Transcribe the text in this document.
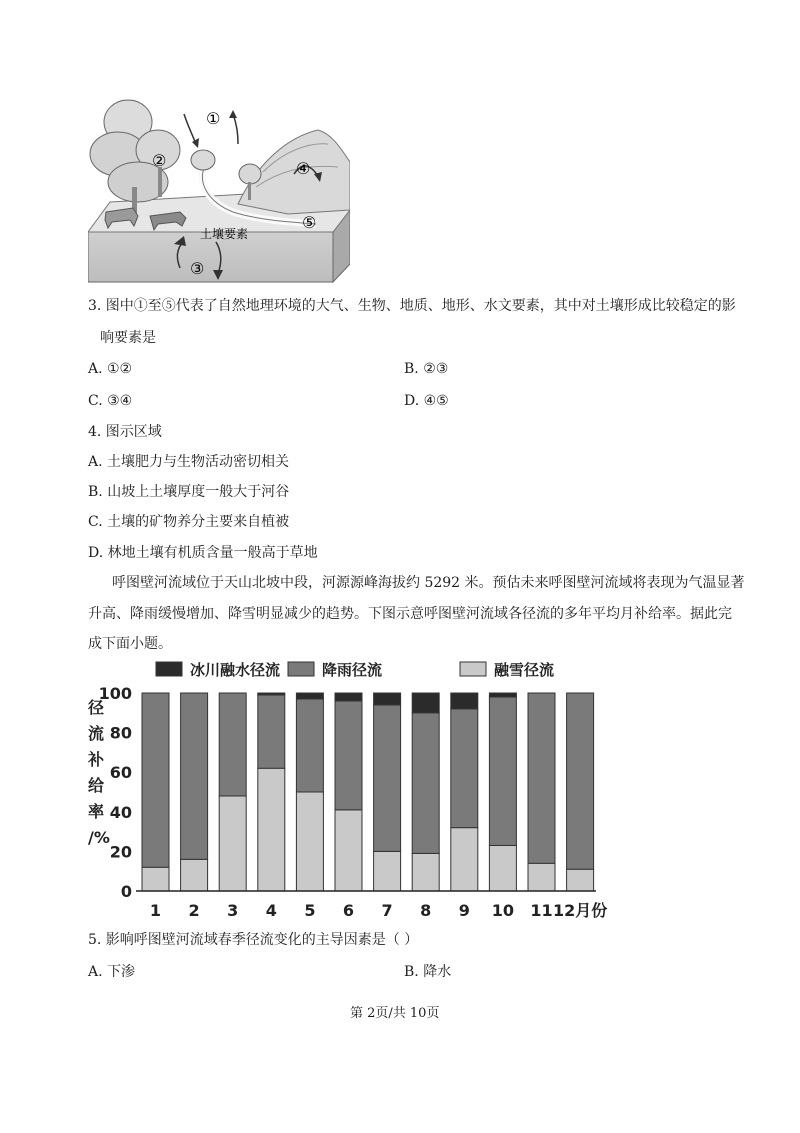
①
②
③
④
⑤
土壤要素
3. 图中①至⑤代表了自然地理环境的大气、生物、地质、地形、水文要素，其中对土壤形成比较稳定的影
响要素是
A. ①②	B. ②③
C. ③④	D. ④⑤
4. 图示区域
A. 土壤肥力与生物活动密切相关
B. 山坡上土壤厚度一般大于河谷
C. 土壤的矿物养分主要来自植被
D. 林地土壤有机质含量一般高于草地
呼图壁河流域位于天山北坡中段，河源源峰海拔约 5292 米。预估未来呼图壁河流域将表现为气温显著
升高、降雨缓慢增加、降雪明显减少的趋势。下图示意呼图壁河流域各径流的多年平均月补给率。据此完
成下面小题。
冰川融水径流	降雨径流	融雪径流
径
流
补
给
率
/%
100
80
60
40
20
0
1 2 3 4 5 6 7 8 9 10 11 12月份
5. 影响呼图壁河流域春季径流变化的主导因素是（ ）
A. 下渗	B. 降水
第 2页/共 10页
